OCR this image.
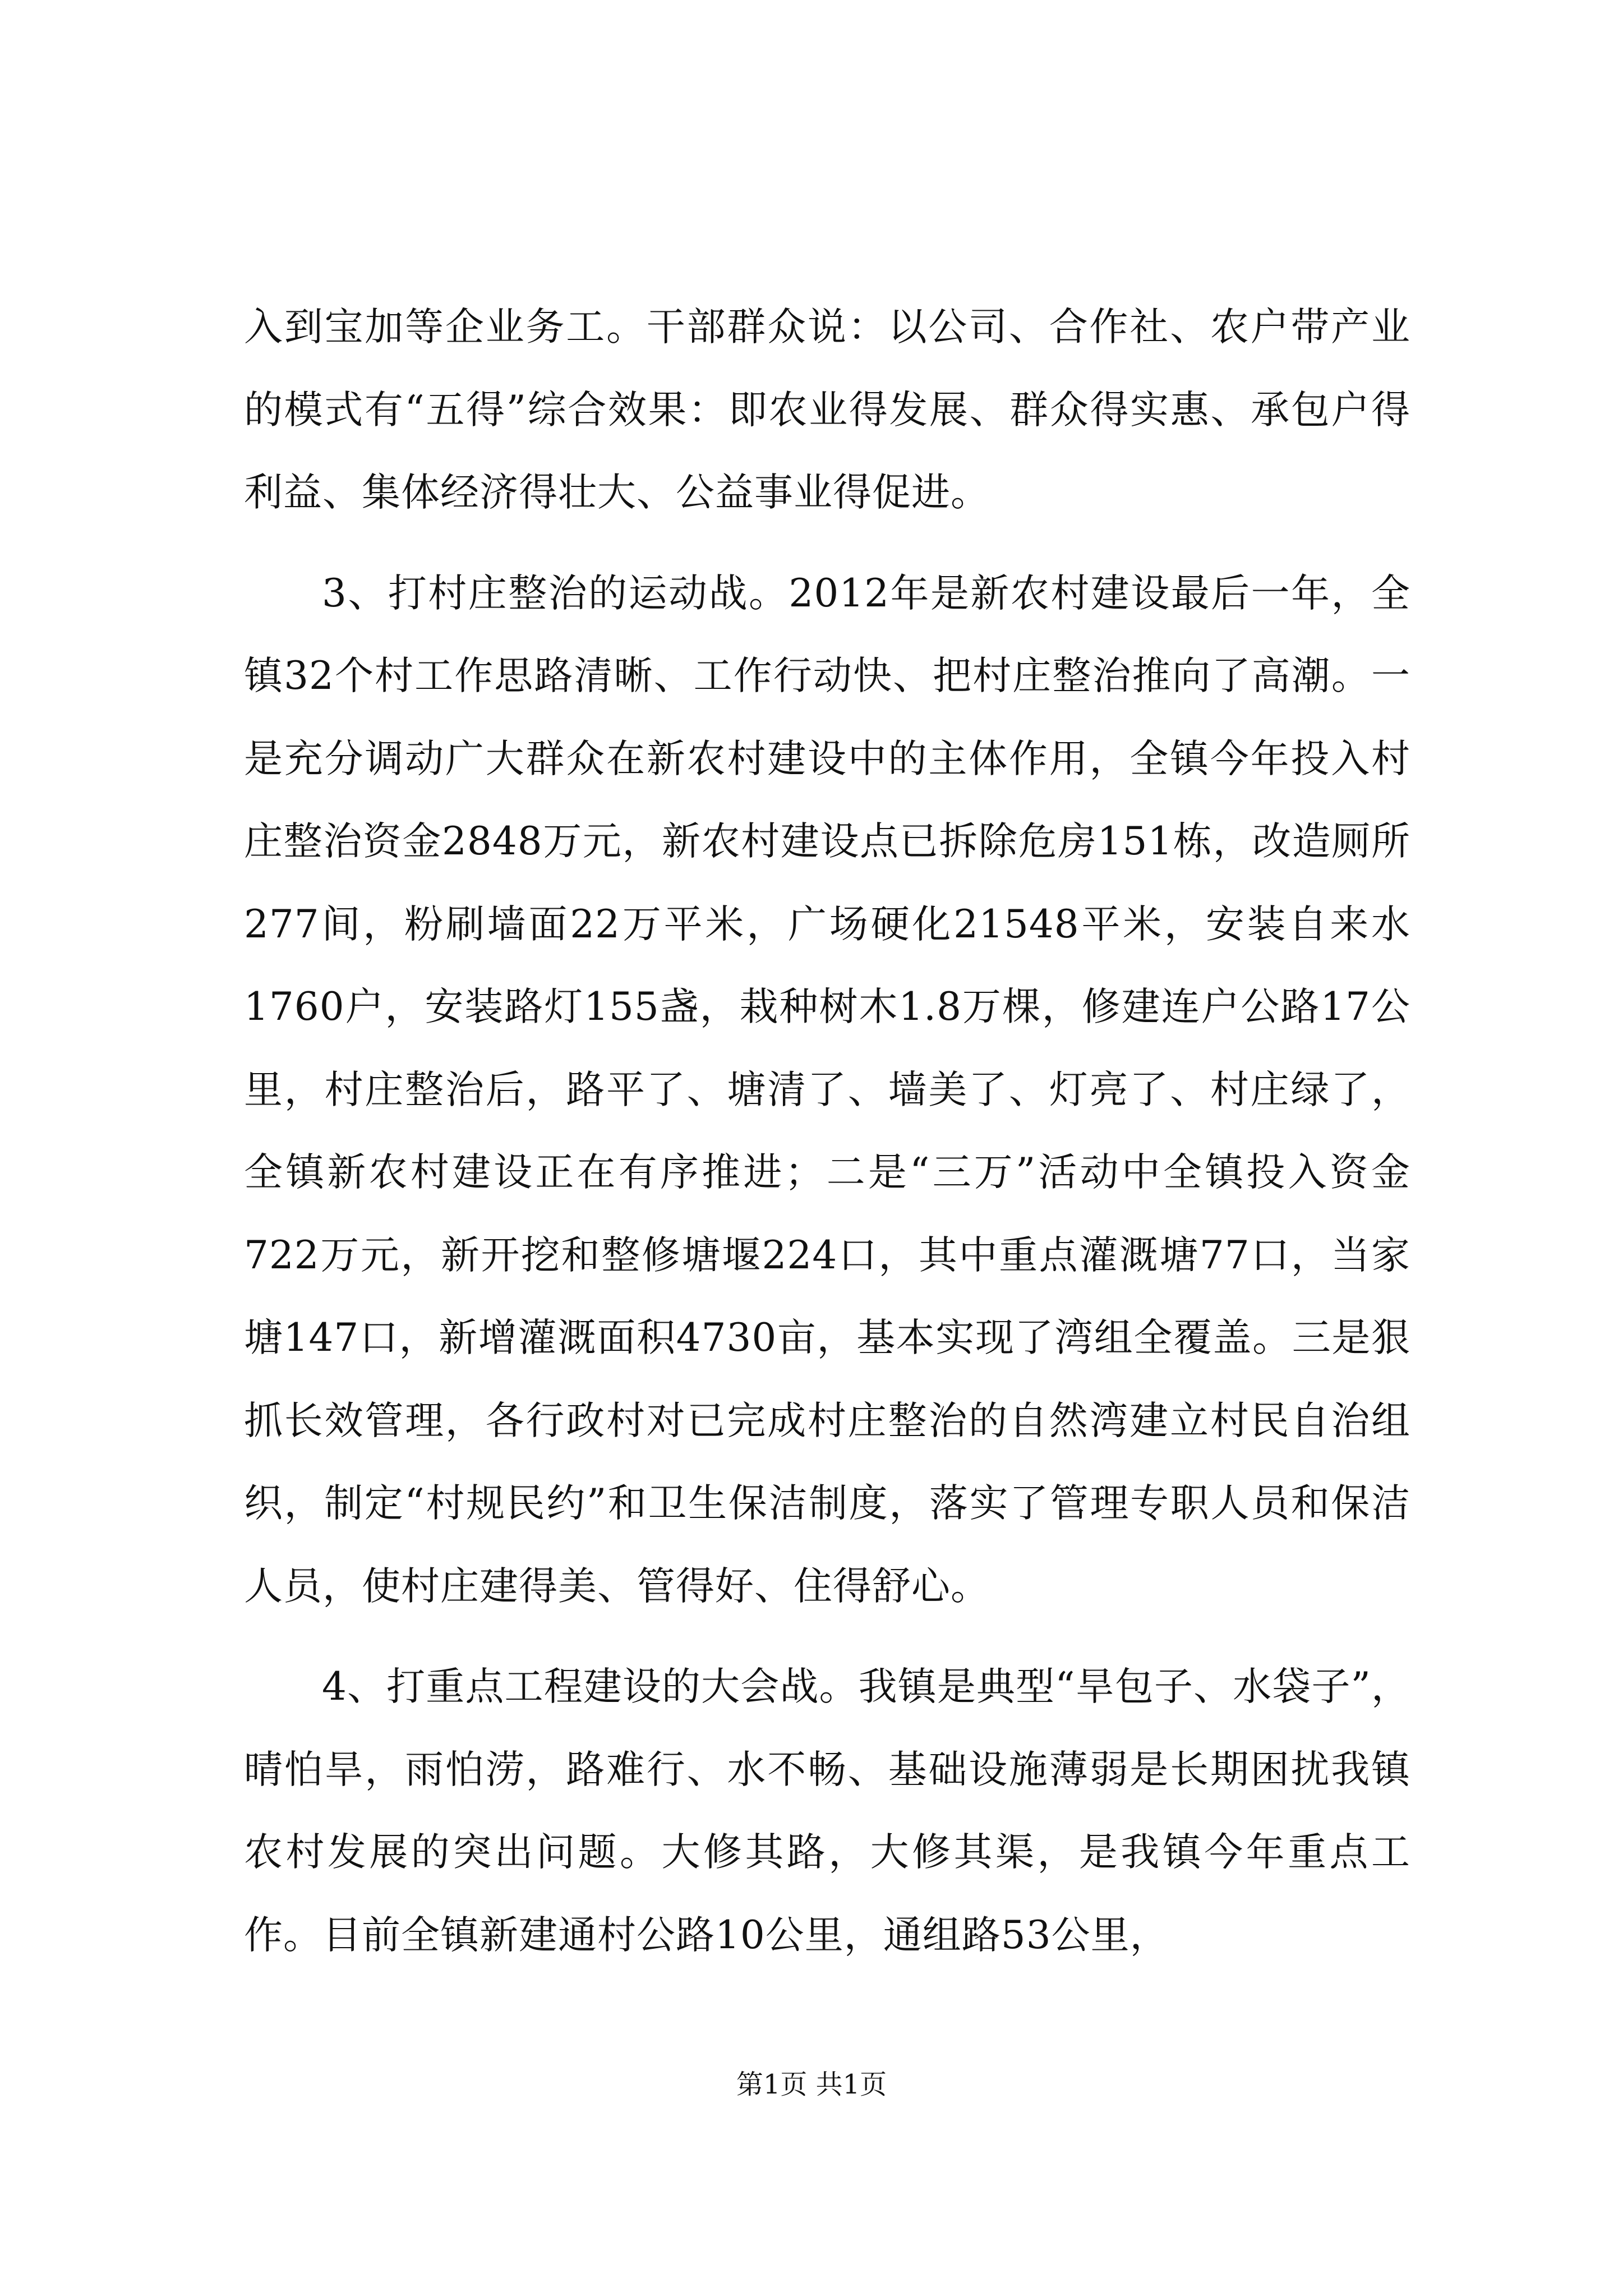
入到宝加等企业务工。干部群众说：以公司、合作社、农户带产业的模式有“五得”综合效果：即农业得发展、群众得实惠、承包户得利益、集体经济得壮大、公益事业得促进。

3、打村庄整治的运动战。2012年是新农村建设最后一年，全镇32个村工作思路清晰、工作行动快、把村庄整治推向了高潮。一是充分调动广大群众在新农村建设中的主体作用，全镇今年投入村庄整治资金2848万元，新农村建设点已拆除危房151栋，改造厕所277间，粉刷墙面22万平米，广场硬化21548平米，安装自来水1760户，安装路灯155盏，栽种树木1.8万棵，修建连户公路17公里，村庄整治后，路平了、塘清了、墙美了、灯亮了、村庄绿了，全镇新农村建设正在有序推进；二是“三万”活动中全镇投入资金722万元，新开挖和整修塘堰224口，其中重点灌溉塘77口，当家塘147口，新增灌溉面积4730亩，基本实现了湾组全覆盖。三是狠抓长效管理，各行政村对已完成村庄整治的自然湾建立村民自治组织，制定“村规民约”和卫生保洁制度，落实了管理专职人员和保洁人员，使村庄建得美、管得好、住得舒心。

4、打重点工程建设的大会战。我镇是典型“旱包子、水袋子”，晴怕旱，雨怕涝，路难行、水不畅、基础设施薄弱是长期困扰我镇农村发展的突出问题。大修其路，大修其渠，是我镇今年重点工作。目前全镇新建通村公路10公里，通组路53公里，

第1页 共1页
